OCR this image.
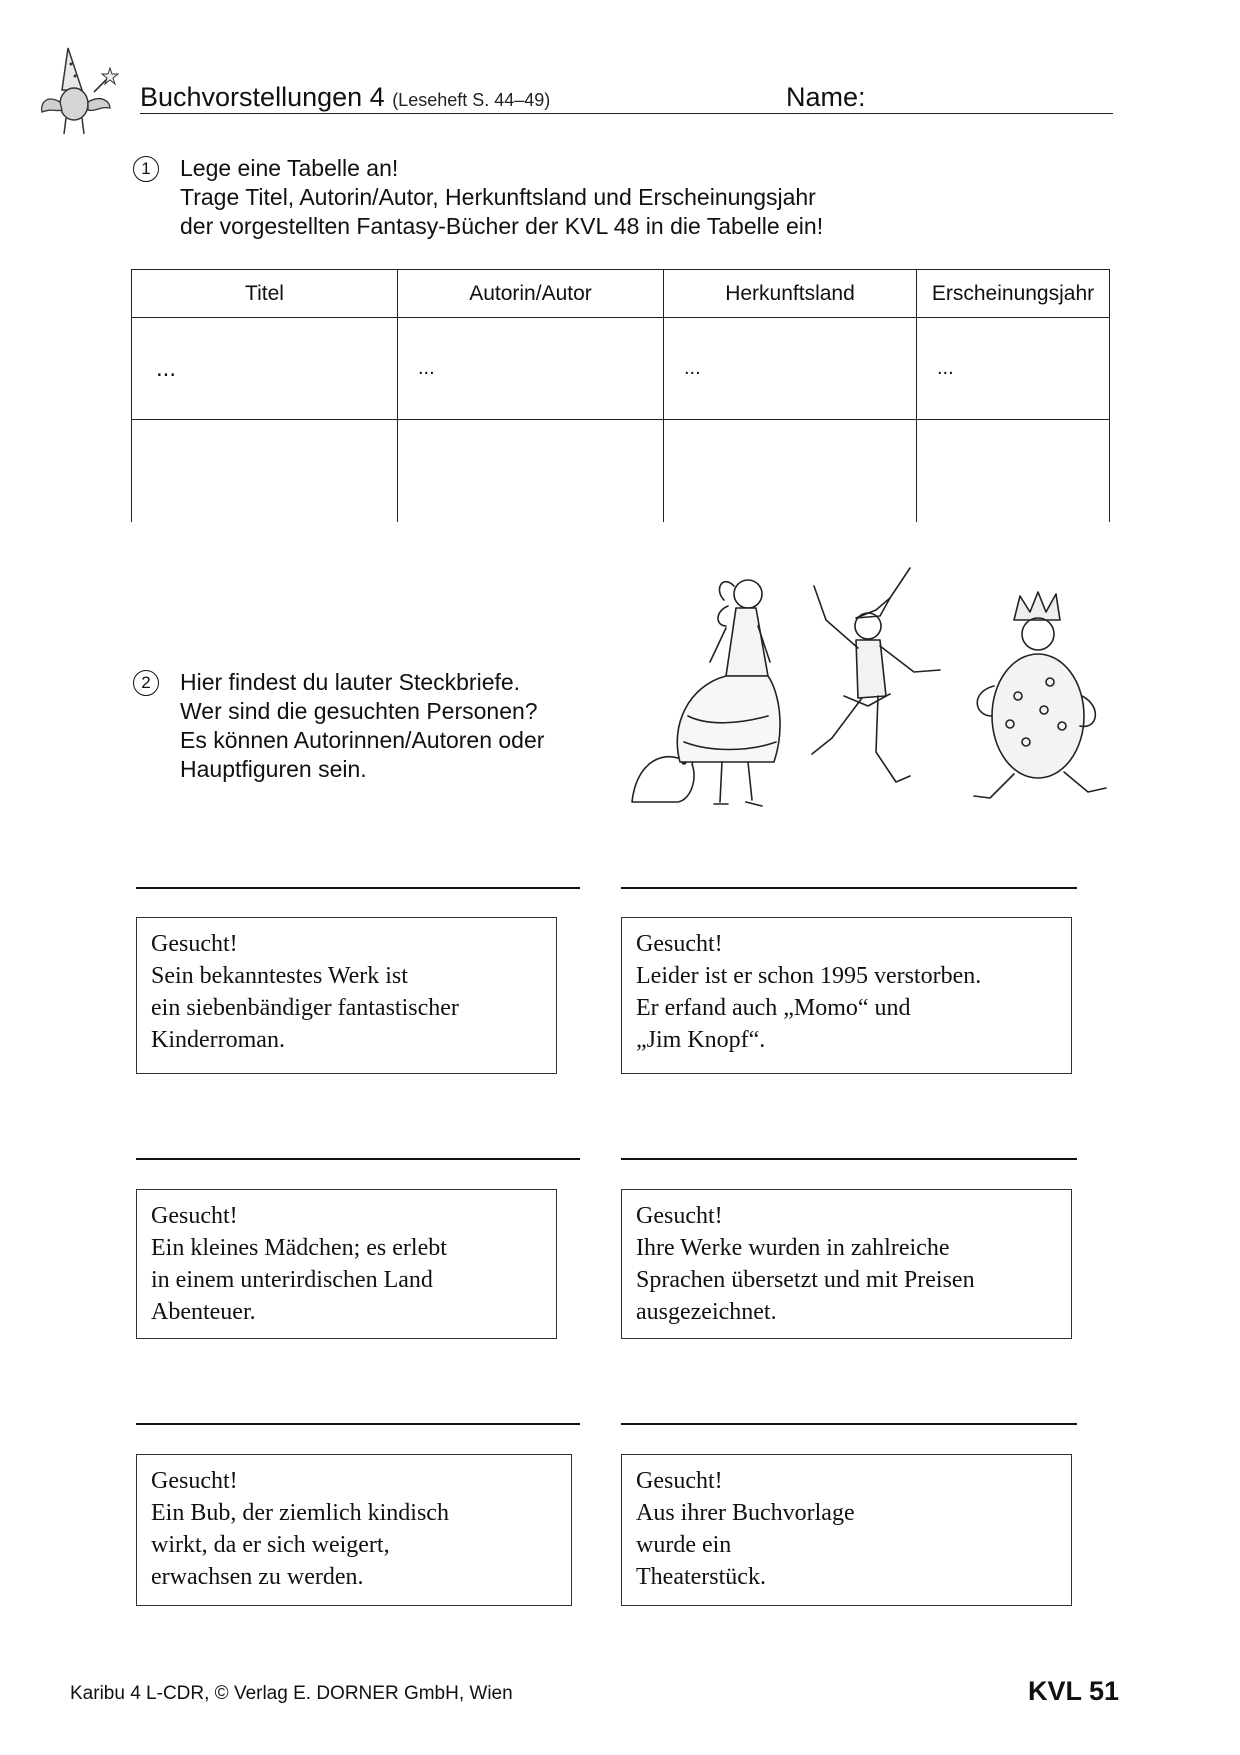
Buchvorstellungen 4 (Leseheft S. 44–49)	Name:
1	Lege eine Tabelle an!
Trage Titel, Autorin/Autor, Herkunftsland und Erscheinungsjahr
der vorgestellten Fantasy-Bücher der KVL 48 in die Tabelle ein!
Titel	Autorin/Autor	Herkunftsland	Erscheinungsjahr
...	...	...	...

2	Hier findest du lauter Steckbriefe.
Wer sind die gesuchten Personen?
Es können Autorinnen/Autoren oder
Hauptfiguren sein.
Gesucht!
Sein bekanntestes Werk ist
ein siebenbändiger fantastischer
Kinderroman.
Gesucht!
Leider ist er schon 1995 verstorben.
Er erfand auch „Momo“ und
„Jim Knopf“.
Gesucht!
Ein kleines Mädchen; es erlebt
in einem unterirdischen Land
Abenteuer.
Gesucht!
Ihre Werke wurden in zahlreiche
Sprachen übersetzt und mit Preisen
ausgezeichnet.
Gesucht!
Ein Bub, der ziemlich kindisch
wirkt, da er sich weigert,
erwachsen zu werden.
Gesucht!
Aus ihrer Buchvorlage
wurde ein
Theaterstück.
Karibu 4 L-CDR, © Verlag E. DORNER GmbH, Wien	KVL 51
